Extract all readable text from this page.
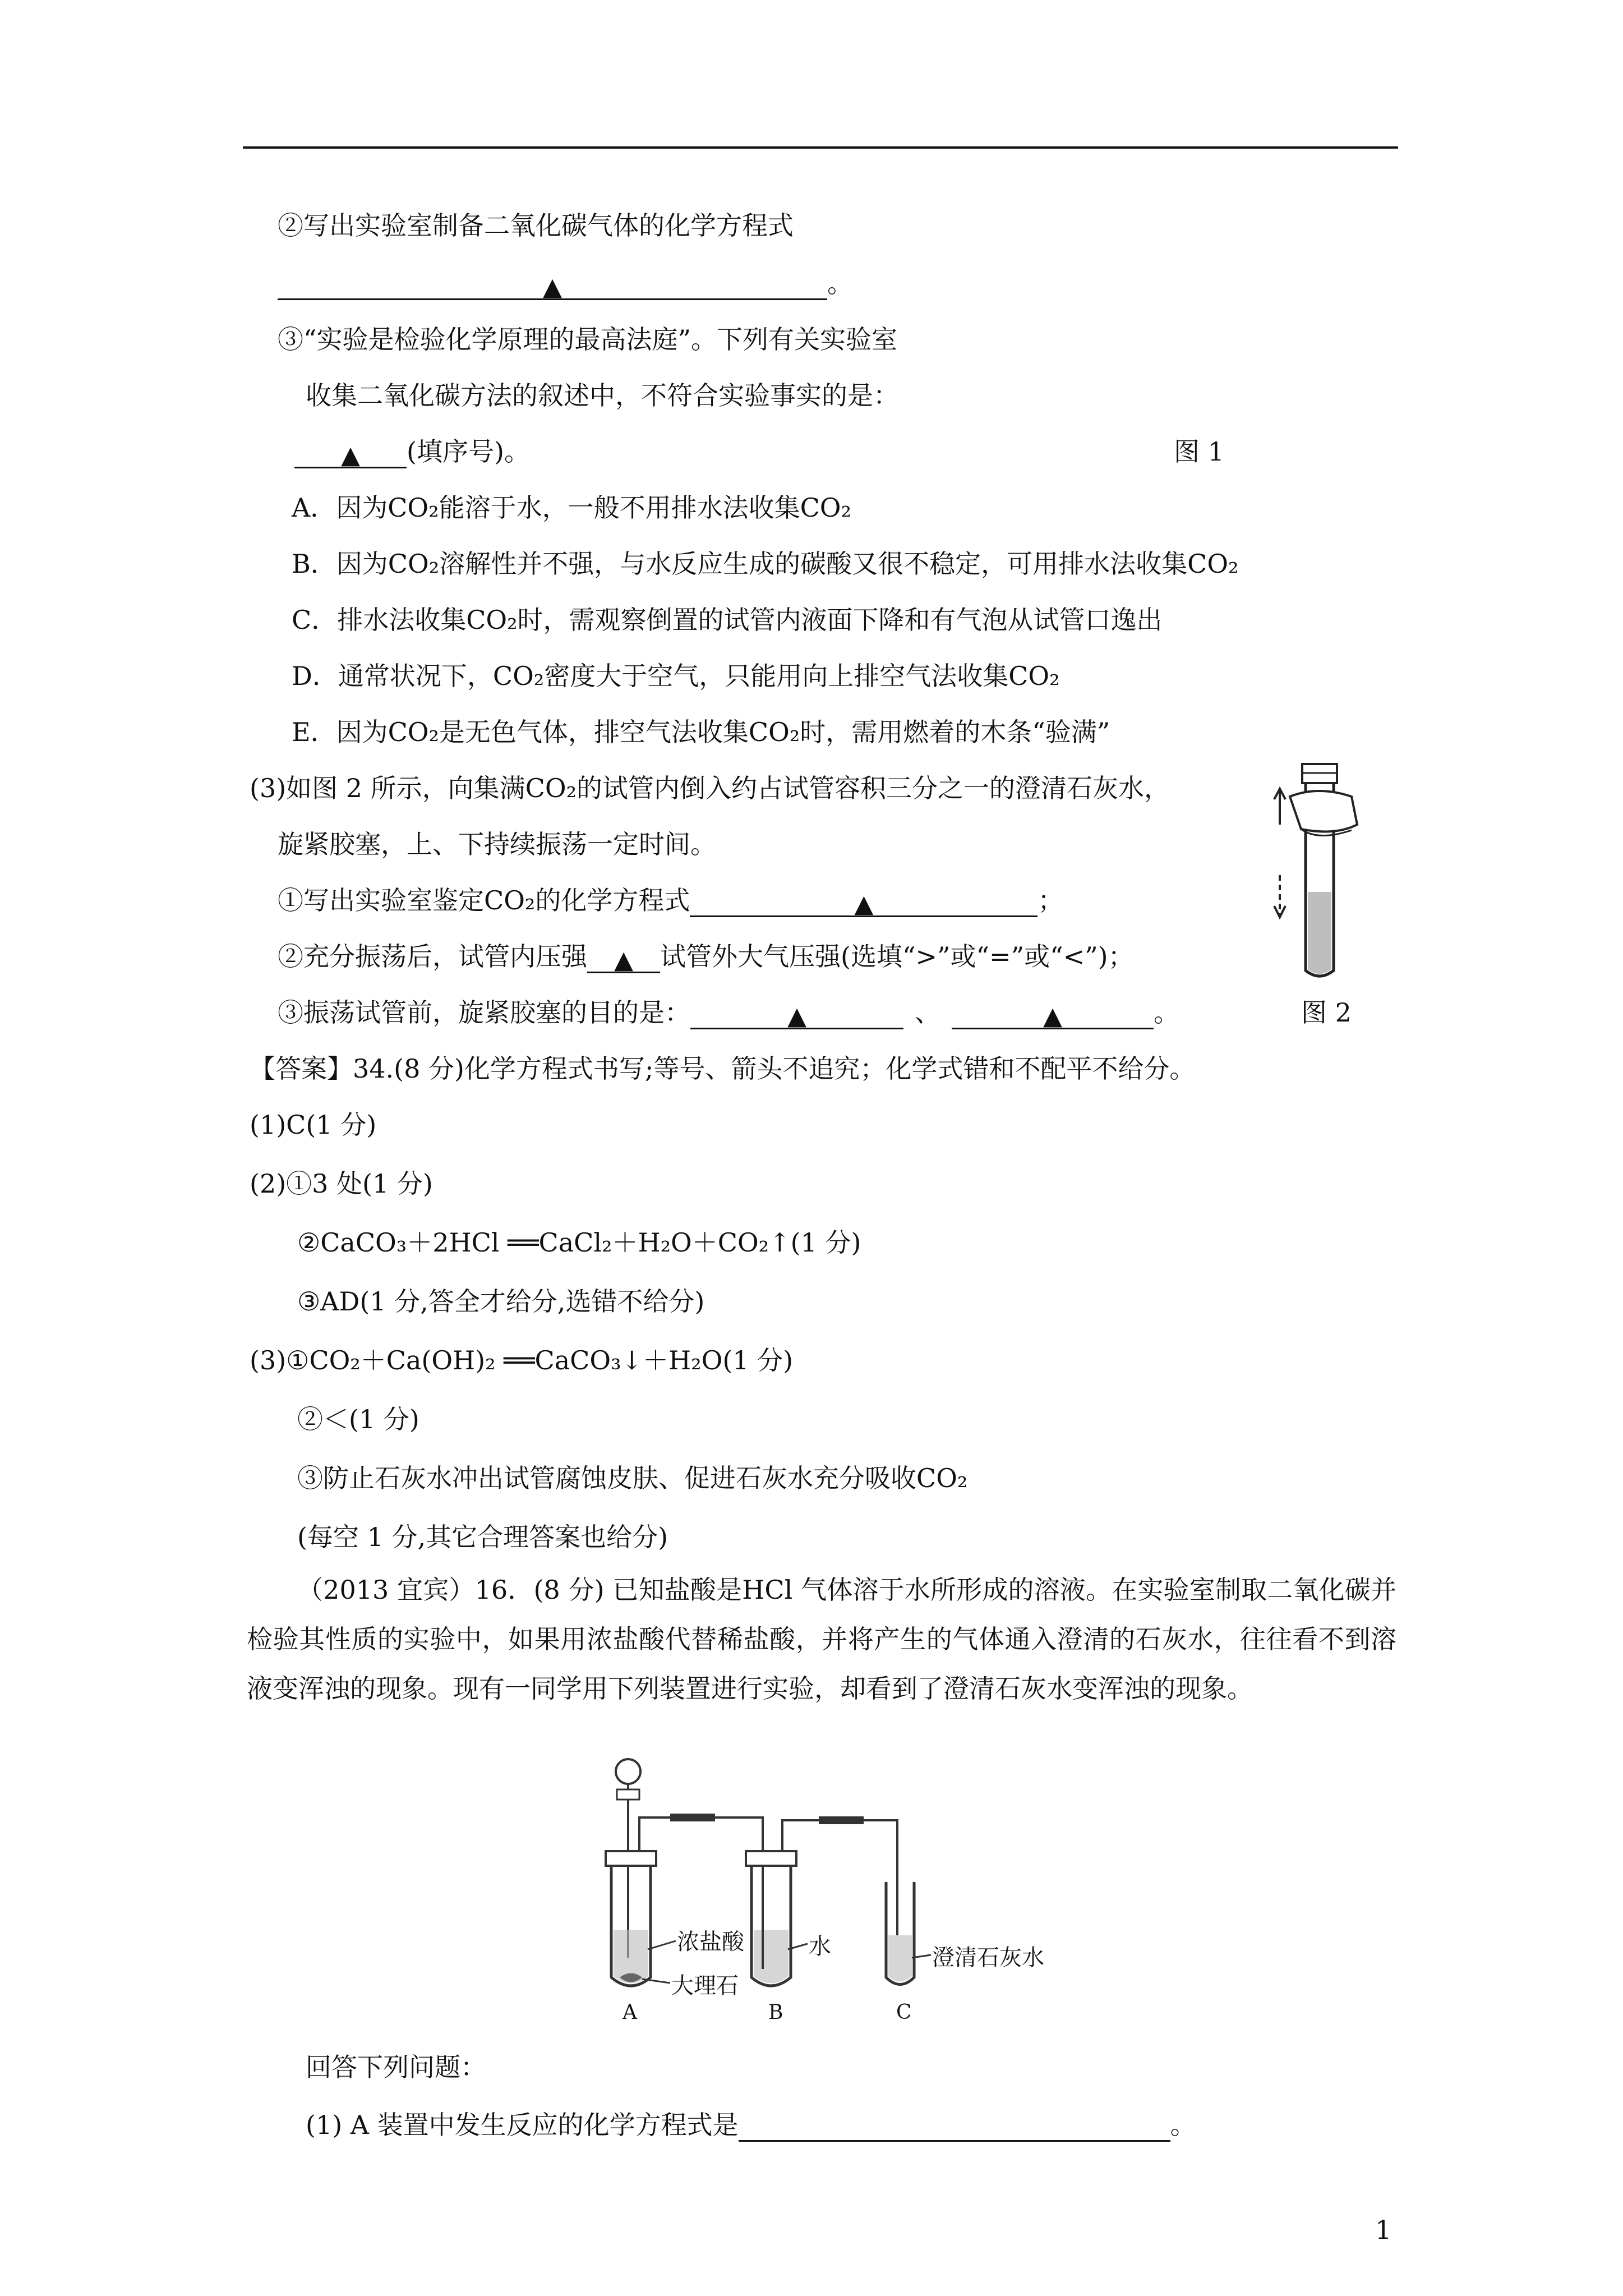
②写出实验室制备二氧化碳气体的化学方程式
▲	。
③“实验是检验化学原理的最高法庭”。下列有关实验室
收集二氧化碳方法的叙述中，不符合实验事实的是：
▲ (填序号)。	图 1
A．因为CO₂能溶于水，一般不用排水法收集CO₂
B．因为CO₂溶解性并不强，与水反应生成的碳酸又很不稳定，可用排水法收集CO₂
C．排水法收集CO₂时，需观察倒置的试管内液面下降和有气泡从试管口逸出
D．通常状况下，CO₂密度大于空气，只能用向上排空气法收集CO₂
E．因为CO₂是无色气体，排空气法收集CO₂时，需用燃着的木条“验满”
(3)如图 2 所示，向集满CO₂的试管内倒入约占试管容积三分之一的澄清石灰水，
旋紧胶塞，上、下持续振荡一定时间。
①写出实验室鉴定CO₂的化学方程式	▲	；
②充分振荡后，试管内压强 ▲ 试管外大气压强(选填“>”或“=”或“<”)；
③振荡试管前，旋紧胶塞的目的是：	▲	、	▲	。	图 2
【答案】34.(8 分)化学方程式书写;等号、箭头不追究；化学式错和不配平不给分。
(1)C(1 分)
(2)①3 处(1 分)
②CaCO₃＋2HCl ══CaCl₂＋H₂O＋CO₂↑(1 分)
③AD(1 分,答全才给分,选错不给分)
(3)①CO₂＋Ca(OH)₂ ══CaCO₃↓＋H₂O(1 分)
②＜(1 分)
③防止石灰水冲出试管腐蚀皮肤、促进石灰水充分吸收CO₂
(每空 1 分,其它合理答案也给分)
（2013 宜宾）16．(8 分) 已知盐酸是HCl 气体溶于水所形成的溶液。在实验室制取二氧化碳并检验其性质的实验中，如果用浓盐酸代替稀盐酸，并将产生的气体通入澄清的石灰水，往往看不到溶液变浑浊的现象。现有一同学用下列装置进行实验，却看到了澄清石灰水变浑浊的现象。
浓盐酸
大理石
水	澄清石灰水
A	B	C
回答下列问题：
(1) A 装置中发生反应的化学方程式是	。
1
